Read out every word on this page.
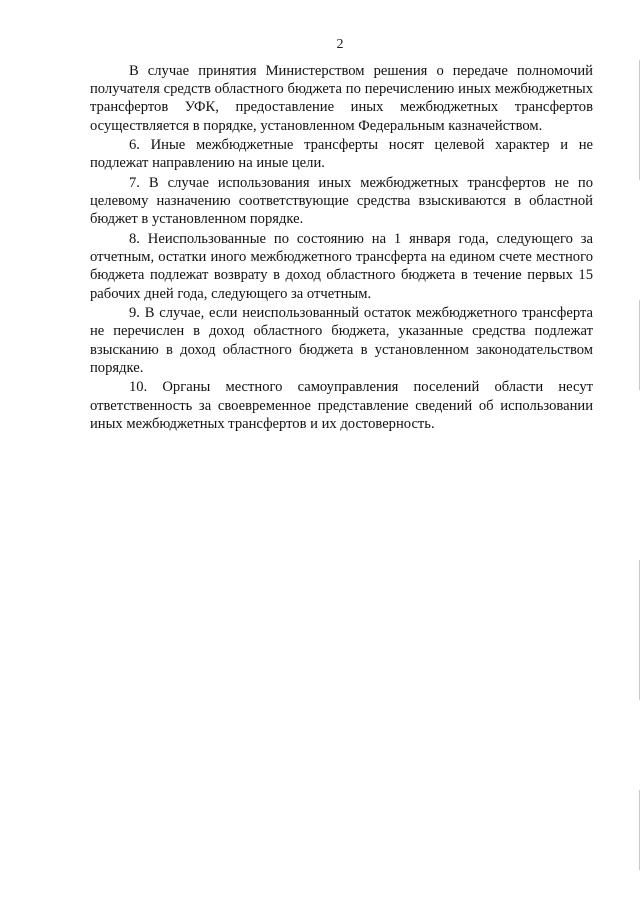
2

В случае принятия Министерством решения о передаче полномочий получателя средств областного бюджета по перечислению иных межбюджетных трансфертов УФК, предоставление иных межбюджетных трансфертов осуществляется в порядке, установленном Федеральным казначейством.

6. Иные межбюджетные трансферты носят целевой характер и не подлежат направлению на иные цели.

7. В случае использования иных межбюджетных трансфертов не по целевому назначению соответствующие средства взыскиваются в областной бюджет в установленном порядке.

8. Неиспользованные по состоянию на 1 января года, следующего за отчетным, остатки иного межбюджетного трансферта на едином счете местного бюджета подлежат возврату в доход областного бюджета в течение первых 15 рабочих дней года, следующего за отчетным.

9. В случае, если неиспользованный остаток межбюджетного трансферта не перечислен в доход областного бюджета, указанные средства подлежат взысканию в доход областного бюджета в установленном законодательством порядке.

10. Органы местного самоуправления поселений области несут ответственность за своевременное представление сведений об использовании иных межбюджетных трансфертов и их достоверность.
